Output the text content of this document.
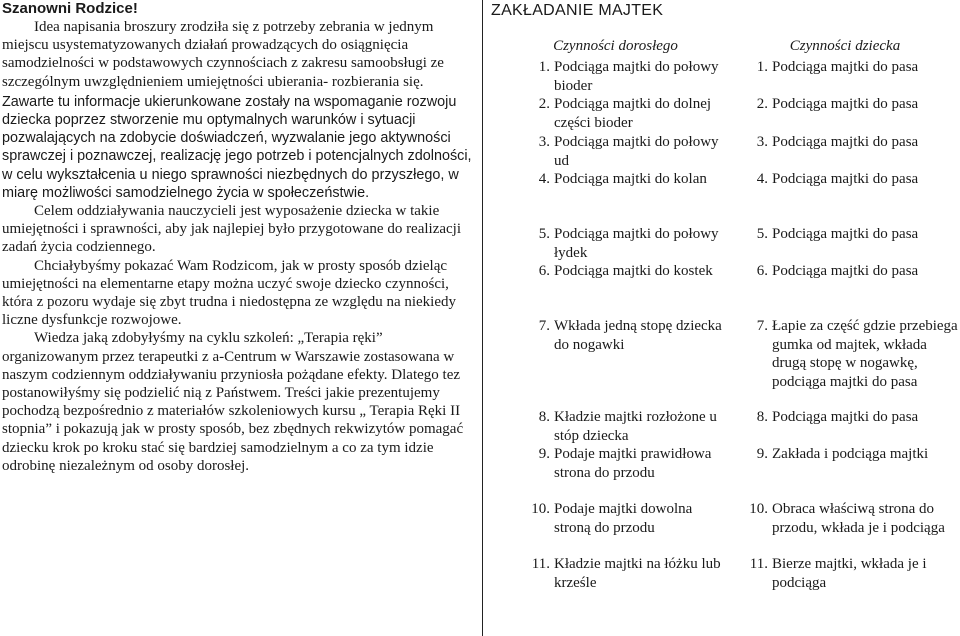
Szanowni Rodzice!

Idea napisania broszury zrodziła się z potrzeby zebrania w jednym miejscu usystematyzowanych działań prowadzących do osiągnięcia samodzielności w podstawowych czynnościach z zakresu samoobsługi ze szczególnym uwzględnieniem umiejętności ubierania- rozbierania się.

Zawarte tu informacje ukierunkowane zostały na wspomaganie rozwoju dziecka poprzez stworzenie mu optymalnych warunków i sytuacji pozwalających na zdobycie doświadczeń, wyzwalanie jego aktywności sprawczej i poznawczej, realizację jego potrzeb i potencjalnych zdolności, w celu wykształcenia u niego sprawności niezbędnych do przyszłego, w miarę możliwości samodzielnego życia w społeczeństwie.

Celem oddziaływania nauczycieli jest wyposażenie dziecka w takie umiejętności i sprawności, aby jak najlepiej było przygotowane do realizacji zadań życia codziennego.

Chciałybyśmy pokazać Wam Rodzicom, jak w prosty sposób dzieląc umiejętności na elementarne etapy można uczyć swoje dziecko czynności, która z pozoru wydaje się zbyt trudna i niedostępna ze względu na niekiedy liczne dysfunkcje rozwojowe.

Wiedza jaką zdobyłyśmy na cyklu szkoleń: „Terapia ręki” organizowanym przez terapeutki z a-Centrum w Warszawie zostasowana w naszym codziennym oddziaływaniu przyniosła pożądane efekty. Dlatego tez postanowiłyśmy się podzielić nią z Państwem. Treści jakie prezentujemy pochodzą bezpośrednio z materiałów szkoleniowych kursu „ Terapia Ręki II stopnia” i pokazują jak w prosty sposób, bez zbędnych rekwizytów pomagać dziecku krok po kroku stać się bardziej samodzielnym a co za tym idzie odrobinę niezależnym od osoby dorosłej.

ZAKŁADANIE MAJTEK
Czynności dorosłego	Czynności dziecka
1. Podciąga majtki do połowy bioder
2. Podciąga majtki do dolnej części bioder
3. Podciąga majtki do połowy ud
4. Podciąga majtki do kolan
5. Podciąga majtki do połowy łydek
6. Podciąga majtki do kostek
7. Wkłada jedną stopę dziecka do nogawki
8. Kładzie majtki rozłożone u stóp dziecka
9. Podaje majtki prawidłowa strona do przodu
10. Podaje majtki dowolna stroną do przodu
11. Kładzie majtki na łóżku lub krześle
1. Podciąga majtki do pasa
2. Podciąga majtki do pasa
3. Podciąga majtki do pasa
4. Podciąga majtki do pasa
5. Podciąga majtki do pasa
6. Podciąga majtki do pasa
7. Łapie za część gdzie przebiega gumka od majtek, wkłada drugą stopę w nogawkę, podciąga majtki do pasa
8. Podciąga majtki do pasa
9. Zakłada i podciąga majtki
10. Obraca właściwą strona do przodu, wkłada je i podciąga
11. Bierze majtki, wkłada je i podciąga
